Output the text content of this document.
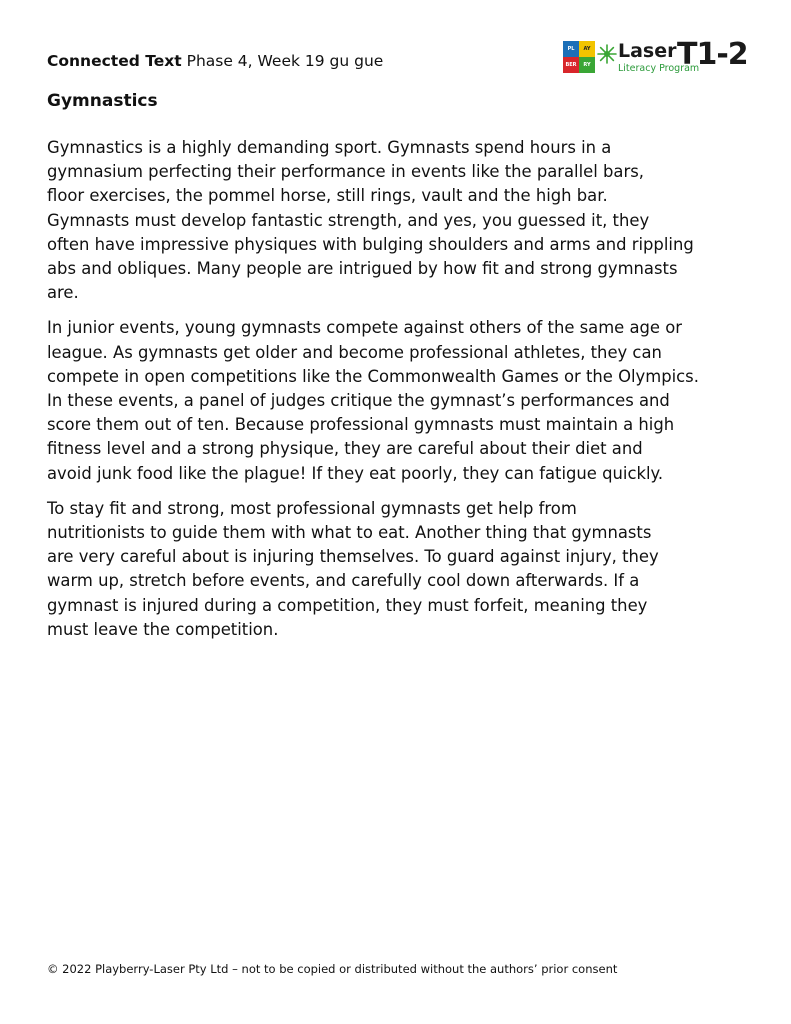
Connected Text Phase 4, Week 19 gu gue
PL	AY
BER	RY
Laser
Literacy Program
T1-2
Gymnastics

Gymnastics is a highly demanding sport. Gymnasts spend hours in a
gymnasium perfecting their performance in events like the parallel bars,
floor exercises, the pommel horse, still rings, vault and the high bar.
Gymnasts must develop fantastic strength, and yes, you guessed it, they
often have impressive physiques with bulging shoulders and arms and rippling
abs and obliques. Many people are intrigued by how fit and strong gymnasts
are.

In junior events, young gymnasts compete against others of the same age or
league. As gymnasts get older and become professional athletes, they can
compete in open competitions like the Commonwealth Games or the Olympics.
In these events, a panel of judges critique the gymnast’s performances and
score them out of ten. Because professional gymnasts must maintain a high
fitness level and a strong physique, they are careful about their diet and
avoid junk food like the plague! If they eat poorly, they can fatigue quickly.

To stay fit and strong, most professional gymnasts get help from
nutritionists to guide them with what to eat. Another thing that gymnasts
are very careful about is injuring themselves. To guard against injury, they
warm up, stretch before events, and carefully cool down afterwards. If a
gymnast is injured during a competition, they must forfeit, meaning they
must leave the competition.

© 2022 Playberry-Laser Pty Ltd – not to be copied or distributed without the authors’ prior consent
